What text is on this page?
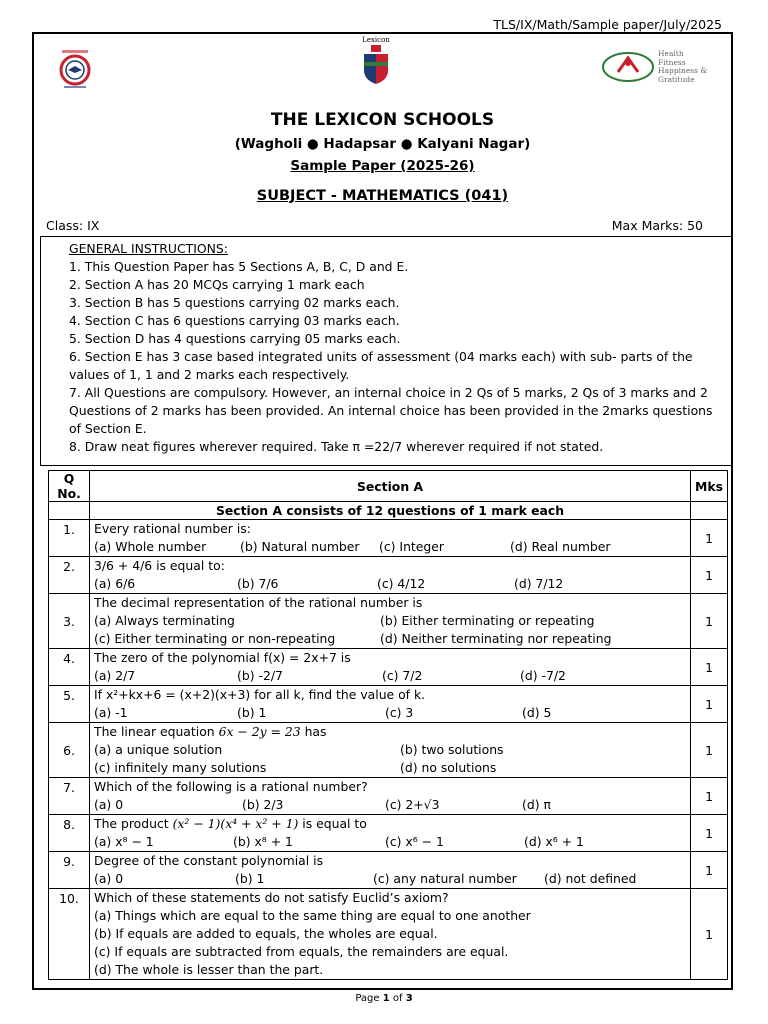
TLS/IX/Math/Sample paper/July/2025
Lexicon
Health
Fitness
Happiness &
Gratitude
THE LEXICON SCHOOLS
(Wagholi ● Hadapsar ● Kalyani Nagar)
Sample Paper (2025-26)
SUBJECT - MATHEMATICS (041)
Class: IX	Max Marks: 50
GENERAL INSTRUCTIONS:
1. This Question Paper has 5 Sections A, B, C, D and E.
2. Section A has 20 MCQs carrying 1 mark each
3. Section B has 5 questions carrying 02 marks each.
4. Section C has 6 questions carrying 03 marks each.
5. Section D has 4 questions carrying 05 marks each.
6. Section E has 3 case based integrated units of assessment (04 marks each) with sub- parts of the values of 1, 1 and 2 marks each respectively.
7. All Questions are compulsory. However, an internal choice in 2 Qs of 5 marks, 2 Qs of 3 marks and 2 Questions of 2 marks has been provided. An internal choice has been provided in the 2marks questions of Section E.
8. Draw neat figures wherever required. Take π =22/7 wherever required if not stated.
Q No.	Section A	Mks
	Section A consists of 12 questions of 1 mark each	
1.	Every rational number is:
(a) Whole number (b) Natural number (c) Integer (d) Real number	1
2.	3/6 + 4/6 is equal to:
(a) 6/6 (b) 7/6 (c) 4/12 (d) 7/12	1
3.	The decimal representation of the rational number is
(a) Always terminating (b) Either terminating or repeating
(c) Either terminating or non-repeating (d) Neither terminating nor repeating	1
4.	The zero of the polynomial f(x) = 2x+7 is
(a) 2/7 (b) -2/7 (c) 7/2 (d) -7/2	1
5.	If x²+kx+6 = (x+2)(x+3) for all k, find the value of k.
(a) -1 (b) 1 (c) 3 (d) 5	1
6.	The linear equation 6x − 2y = 23 has
(a) a unique solution (b) two solutions
(c) infinitely many solutions (d) no solutions	1
7.	Which of the following is a rational number?
(a) 0 (b) 2/3 (c) 2+√3 (d) π	1
8.	The product (x² − 1)(x⁴ + x² + 1) is equal to
(a) x⁸ − 1 (b) x⁸ + 1 (c) x⁶ − 1 (d) x⁶ + 1	1
9.	Degree of the constant polynomial is
(a) 0 (b) 1 (c) any natural number (d) not defined	1
10.	Which of these statements do not satisfy Euclid’s axiom?
(a) Things which are equal to the same thing are equal to one another
(b) If equals are added to equals, the wholes are equal.
(c) If equals are subtracted from equals, the remainders are equal.
(d) The whole is lesser than the part.	1
Page 1 of 3
